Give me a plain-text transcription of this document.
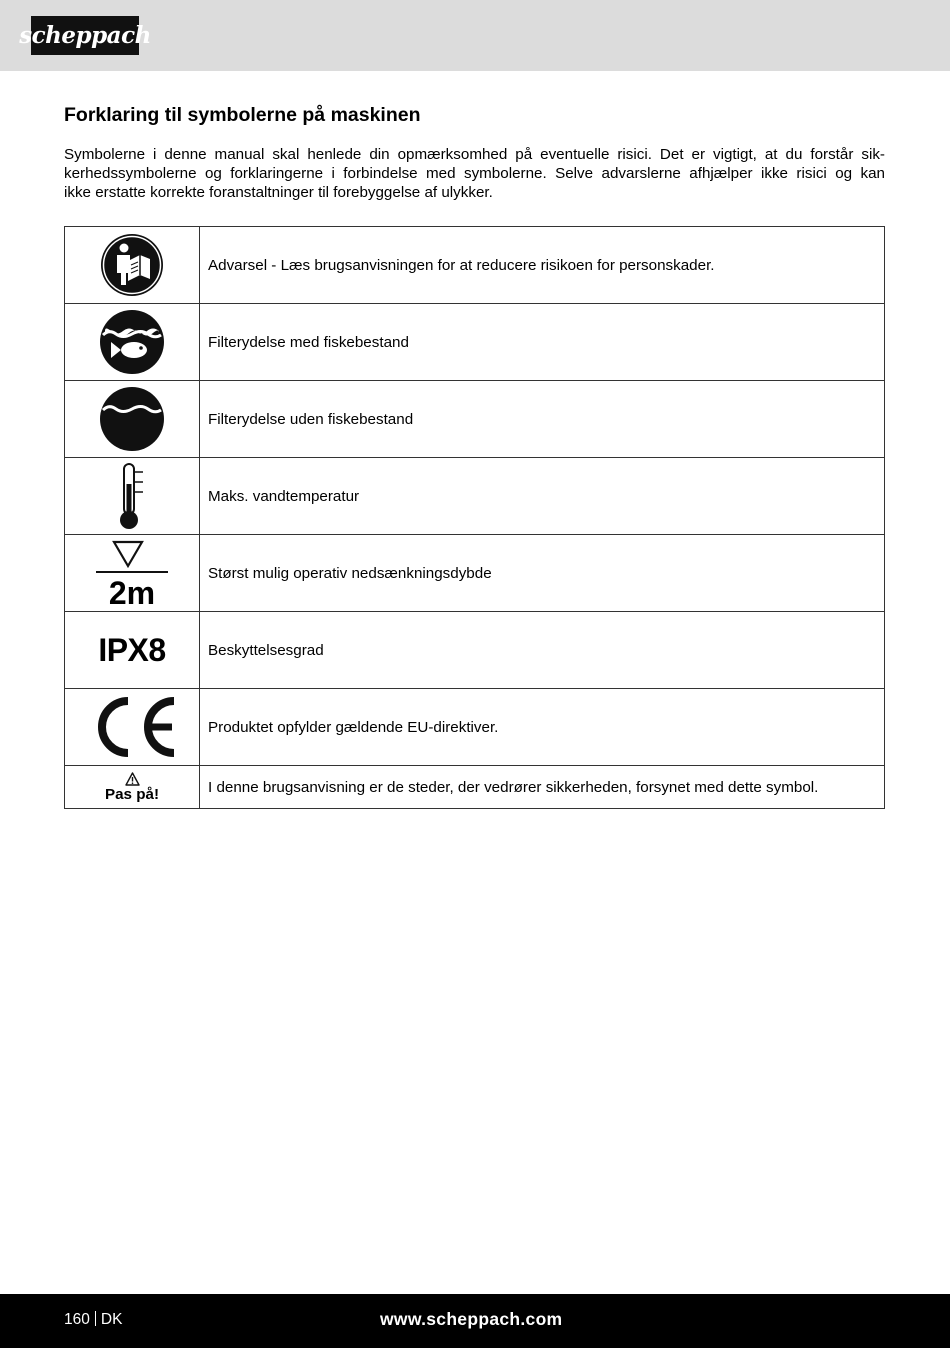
scheppach
Forklaring til symbolerne på maskinen

Symbolerne i denne manual skal henlede din opmærksomhed på eventuelle risici. Det er vigtigt, at du forstår sik-
kerhedssymbolerne og forklaringerne i forbindelse med symbolerne. Selve advarslerne afhjælper ikke risici og kan
ikke erstatte korrekte foranstaltninger til forebyggelse af ulykker.

	Advarsel - Læs brugsanvisningen for at reducere risikoen for personskader.

	Filterydelse med fiskebestand

	Filterydelse uden fiskebestand

	Maks. vandtemperatur

2m	Størst mulig operativ nedsænkningsdybde
IPX8	Beskyttelsesgrad

	Produktet opfylder gældende EU-direktiver.

Pas på!	I denne brugsanvisning er de steder, der vedrører sikkerheden, forsynet med dette symbol.
160 DK	www.scheppach.com
